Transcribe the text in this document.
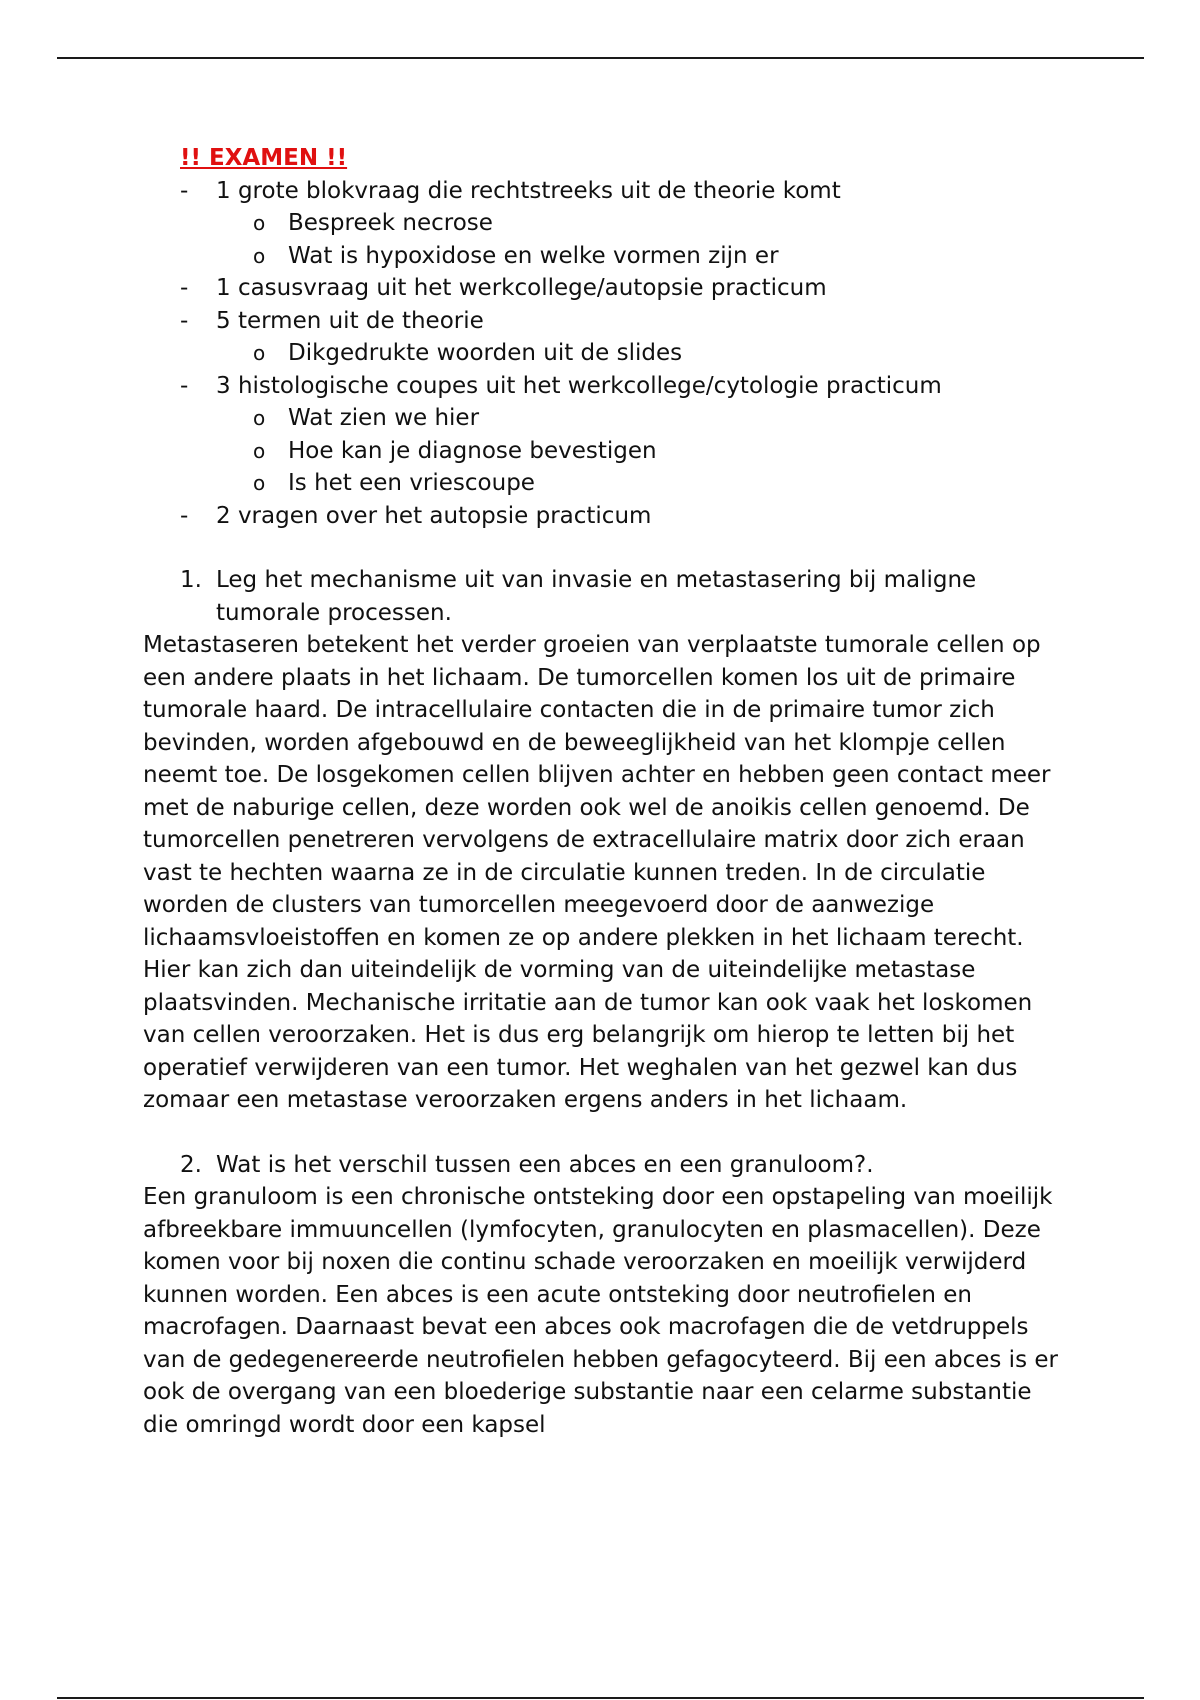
!! EXAMEN !!
- 1 grote blokvraag die rechtstreeks uit de theorie komt
o Bespreek necrose
o Wat is hypoxidose en welke vormen zijn er
- 1 casusvraag uit het werkcollege/autopsie practicum
- 5 termen uit de theorie
o Dikgedrukte woorden uit de slides
- 3 histologische coupes uit het werkcollege/cytologie practicum
o Wat zien we hier
o Hoe kan je diagnose bevestigen
o Is het een vriescoupe
- 2 vragen over het autopsie practicum
1. Leg het mechanisme uit van invasie en metastasering bij maligne tumorale processen.

Metastaseren betekent het verder groeien van verplaatste tumorale cellen op een andere plaats in het lichaam. De tumorcellen komen los uit de primaire tumorale haard. De intracellulaire contacten die in de primaire tumor zich bevinden, worden afgebouwd en de beweeglijkheid van het klompje cellen neemt toe. De losgekomen cellen blijven achter en hebben geen contact meer met de naburige cellen, deze worden ook wel de anoikis cellen genoemd. De tumorcellen penetreren vervolgens de extracellulaire matrix door zich eraan vast te hechten waarna ze in de circulatie kunnen treden. In de circulatie worden de clusters van tumorcellen meegevoerd door de aanwezige lichaamsvloeistoffen en komen ze op andere plekken in het lichaam terecht. Hier kan zich dan uiteindelijk de vorming van de uiteindelijke metastase plaatsvinden. Mechanische irritatie aan de tumor kan ook vaak het loskomen van cellen veroorzaken. Het is dus erg belangrijk om hierop te letten bij het operatief verwijderen van een tumor. Het weghalen van het gezwel kan dus zomaar een metastase veroorzaken ergens anders in het lichaam.

2. Wat is het verschil tussen een abces en een granuloom?.

Een granuloom is een chronische ontsteking door een opstapeling van moeilijk afbreekbare immuuncellen (lymfocyten, granulocyten en plasmacellen). Deze komen voor bij noxen die continu schade veroorzaken en moeilijk verwijderd kunnen worden. Een abces is een acute ontsteking door neutrofielen en macrofagen. Daarnaast bevat een abces ook macrofagen die de vetdruppels van de gedegenereerde neutrofielen hebben gefagocyteerd. Bij een abces is er ook de overgang van een bloederige substantie naar een celarme substantie die omringd wordt door een kapsel
